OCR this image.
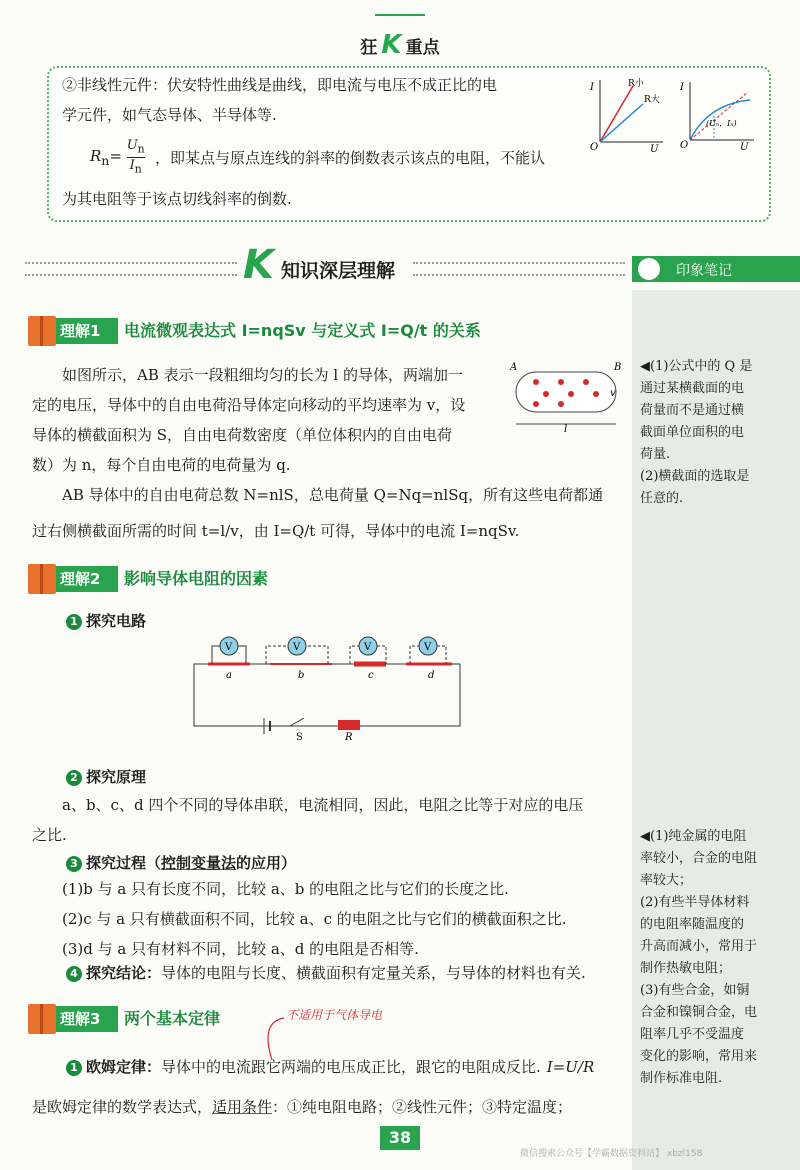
狂 K 重点
②非线性元件：伏安特性曲线是曲线，即电流与电压不成正比的电
学元件，如气态导体、半导体等.
$R_n= \frac{U_n}{I_n}$ ，即某点与原点连线的斜率的倒数表示该点的电阻，不能认
为其电阻等于该点切线斜率的倒数.
I
U
O
R小
R大
I
U
O
(Uₙ，Iₙ)
印象笔记
K 知识深层理解
理解1	电流微观表达式 I=nqSv 与定义式 I=Q/t 的关系
如图所示，AB 表示一段粗细均匀的长为 l 的导体，两端加一
定的电压，导体中的自由电荷沿导体定向移动的平均速率为 v，设
导体的横截面积为 S，自由电荷数密度（单位体积内的自由电荷
数）为 n，每个自由电荷的电荷量为 q.
A	B
l
v
AB 导体中的自由电荷总数 N=nlS，总电荷量 Q=Nq=nlSq，所有这些电荷都通
过右侧横截面所需的时间 t=l/v，由 I=Q/t 可得，导体中的电流 I=nqSv.
◀(1)公式中的 Q 是
通过某横截面的电
荷量而不是通过横
截面单位面积的电
荷量.
(2)横截面的选取是
任意的.
理解2	影响导体电阻的因素
1 探究电路
V	V	V	V
a	b	c	d
S	R
2 探究原理
a、b、c、d 四个不同的导体串联，电流相同，因此，电阻之比等于对应的电压
之比.
3 探究过程（控制变量法的应用）
(1)b 与 a 只有长度不同，比较 a、b 的电阻之比与它们的长度之比.
(2)c 与 a 只有横截面积不同，比较 a、c 的电阻之比与它们的横截面积之比.
(3)d 与 a 只有材料不同，比较 a、d 的电阻是否相等.
4 探究结论：导体的电阻与长度、横截面积有定量关系，与导体的材料也有关.
◀(1)纯金属的电阻
率较小，合金的电阻
率较大；
(2)有些半导体材料
的电阻率随温度的
升高而减小，常用于
制作热敏电阻；
(3)有些合金，如铜
合金和镍铜合金，电
阻率几乎不受温度
变化的影响，常用来
制作标准电阻.
理解3	两个基本定律	不适用于气体导电
1 欧姆定律：导体中的电流跟它两端的电压成正比，跟它的电阻成反比. I=U/R
是欧姆定律的数学表达式，适用条件：①纯电阻电路；②线性元件；③特定温度；
38
微信搜索公众号【学霸数据资料站】 xbzl158
